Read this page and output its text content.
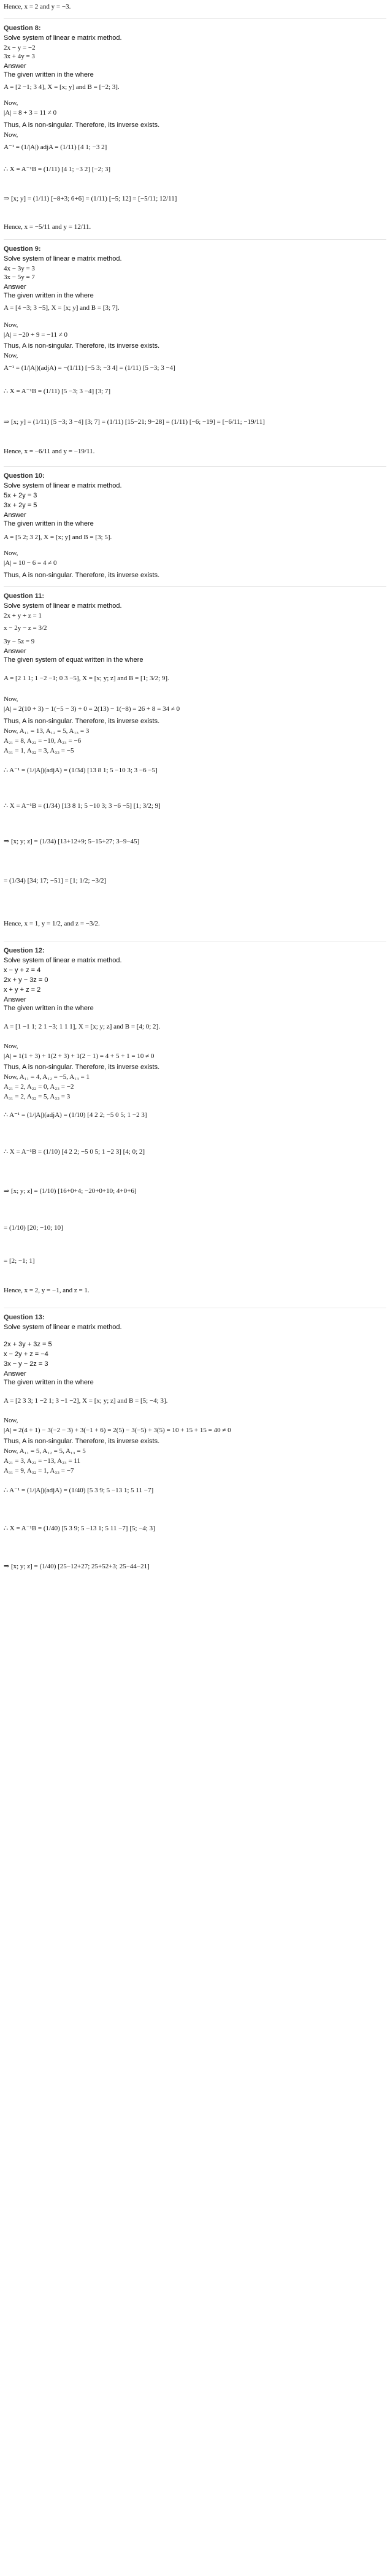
Hence, x = 2 and y = −3.
Question 8:
Solve system of linear e matrix method.
2x − y = −2
3x + 4y = 3
Answer
The given written in the where
A = [2 −1; 3 4], X = [x; y] and B = [−2; 3].
Now,
|A| = 8 + 3 = 11 ≠ 0
Thus, A is non-singular. Therefore, its inverse exists.
Now,
A⁻¹ = (1/|A|) adjA = (1/11) [4 1; −3 2]
∴ X = A⁻¹B = (1/11) [4 1; −3 2] [−2; 3]
⇒ [x; y] = (1/11) [−8+3; 6+6] = (1/11) [−5; 12] = [−5/11; 12/11]
Hence, x = −5/11 and y = 12/11.
Question 9:
Solve system of linear e matrix method.
4x − 3y = 3
3x − 5y = 7
Answer
The given written in the where
A = [4 −3; 3 −5], X = [x; y] and B = [3; 7].
Now,
|A| = −20 + 9 = −11 ≠ 0
Thus, A is non-singular. Therefore, its inverse exists.
Now,
A⁻¹ = (1/|A|)(adjA) = −(1/11) [−5 3; −3 4] = (1/11) [5 −3; 3 −4]
∴ X = A⁻¹B = (1/11) [5 −3; 3 −4] [3; 7]
⇒ [x; y] = (1/11) [5 −3; 3 −4] [3; 7] = (1/11) [15−21; 9−28] = (1/11) [−6; −19] = [−6/11; −19/11]
Hence, x = −6/11 and y = −19/11.
Question 10:
Solve system of linear e matrix method.
5x + 2y = 3
3x + 2y = 5
Answer
The given written in the where
A = [5 2; 3 2], X = [x; y] and B = [3; 5].
Now,
|A| = 10 − 6 = 4 ≠ 0
Thus, A is non-singular. Therefore, its inverse exists.
Question 11:
Solve system of linear e matrix method.
2x + y + z = 1
x − 2y − z = 3/2
3y − 5z = 9
Answer
The given system of equat written in the where
A = [2 1 1; 1 −2 −1; 0 3 −5], X = [x; y; z] and B = [1; 3/2; 9].
Now,
|A| = 2(10 + 3) − 1(−5 − 3) + 0 = 2(13) − 1(−8) = 26 + 8 = 34 ≠ 0
Thus, A is non-singular. Therefore, its inverse exists.
Now, A₁₁ = 13, A₁₂ = 5, A₁₃ = 3
A₂₁ = 8, A₂₂ = −10, A₂₃ = −6
A₃₁ = 1, A₃₂ = 3, A₃₃ = −5
∴ A⁻¹ = (1/|A|)(adjA) = (1/34) [13 8 1; 5 −10 3; 3 −6 −5]
∴ X = A⁻¹B = (1/34) [13 8 1; 5 −10 3; 3 −6 −5] [1; 3/2; 9]
⇒ [x; y; z] = (1/34) [13+12+9; 5−15+27; 3−9−45]
= (1/34) [34; 17; −51] = [1; 1/2; −3/2]
Hence, x = 1, y = 1/2, and z = −3/2.
Question 12:
Solve system of linear e matrix method.
x − y + z = 4
2x + y − 3z = 0
x + y + z = 2
Answer
The given written in the where
A = [1 −1 1; 2 1 −3; 1 1 1], X = [x; y; z] and B = [4; 0; 2].
Now,
|A| = 1(1 + 3) + 1(2 + 3) + 1(2 − 1) = 4 + 5 + 1 = 10 ≠ 0
Thus, A is non-singular. Therefore, its inverse exists.
Now, A₁₁ = 4, A₁₂ = −5, A₁₃ = 1
A₂₁ = 2, A₂₂ = 0, A₂₃ = −2
A₃₁ = 2, A₃₂ = 5, A₃₃ = 3
∴ A⁻¹ = (1/|A|)(adjA) = (1/10) [4 2 2; −5 0 5; 1 −2 3]
∴ X = A⁻¹B = (1/10) [4 2 2; −5 0 5; 1 −2 3] [4; 0; 2]
⇒ [x; y; z] = (1/10) [16+0+4; −20+0+10; 4+0+6]
= (1/10) [20; −10; 10]
= [2; −1; 1]
Hence, x = 2, y = −1, and z = 1.
Question 13:
Solve system of linear e matrix method.
2x + 3y + 3z = 5
x − 2y + z = −4
3x − y − 2z = 3
Answer
The given written in the where
A = [2 3 3; 1 −2 1; 3 −1 −2], X = [x; y; z] and B = [5; −4; 3].
Now,
|A| = 2(4 + 1) − 3(−2 − 3) + 3(−1 + 6) = 2(5) − 3(−5) + 3(5) = 10 + 15 + 15 = 40 ≠ 0
Thus, A is non-singular. Therefore, its inverse exists.
Now, A₁₁ = 5, A₁₂ = 5, A₁₃ = 5
A₂₁ = 3, A₂₂ = −13, A₂₃ = 11
A₃₁ = 9, A₃₂ = 1, A₃₃ = −7
∴ A⁻¹ = (1/|A|)(adjA) = (1/40) [5 3 9; 5 −13 1; 5 11 −7]
∴ X = A⁻¹B = (1/40) [5 3 9; 5 −13 1; 5 11 −7] [5; −4; 3]
⇒ [x; y; z] = (1/40) [25−12+27; 25+52+3; 25−44−21]
